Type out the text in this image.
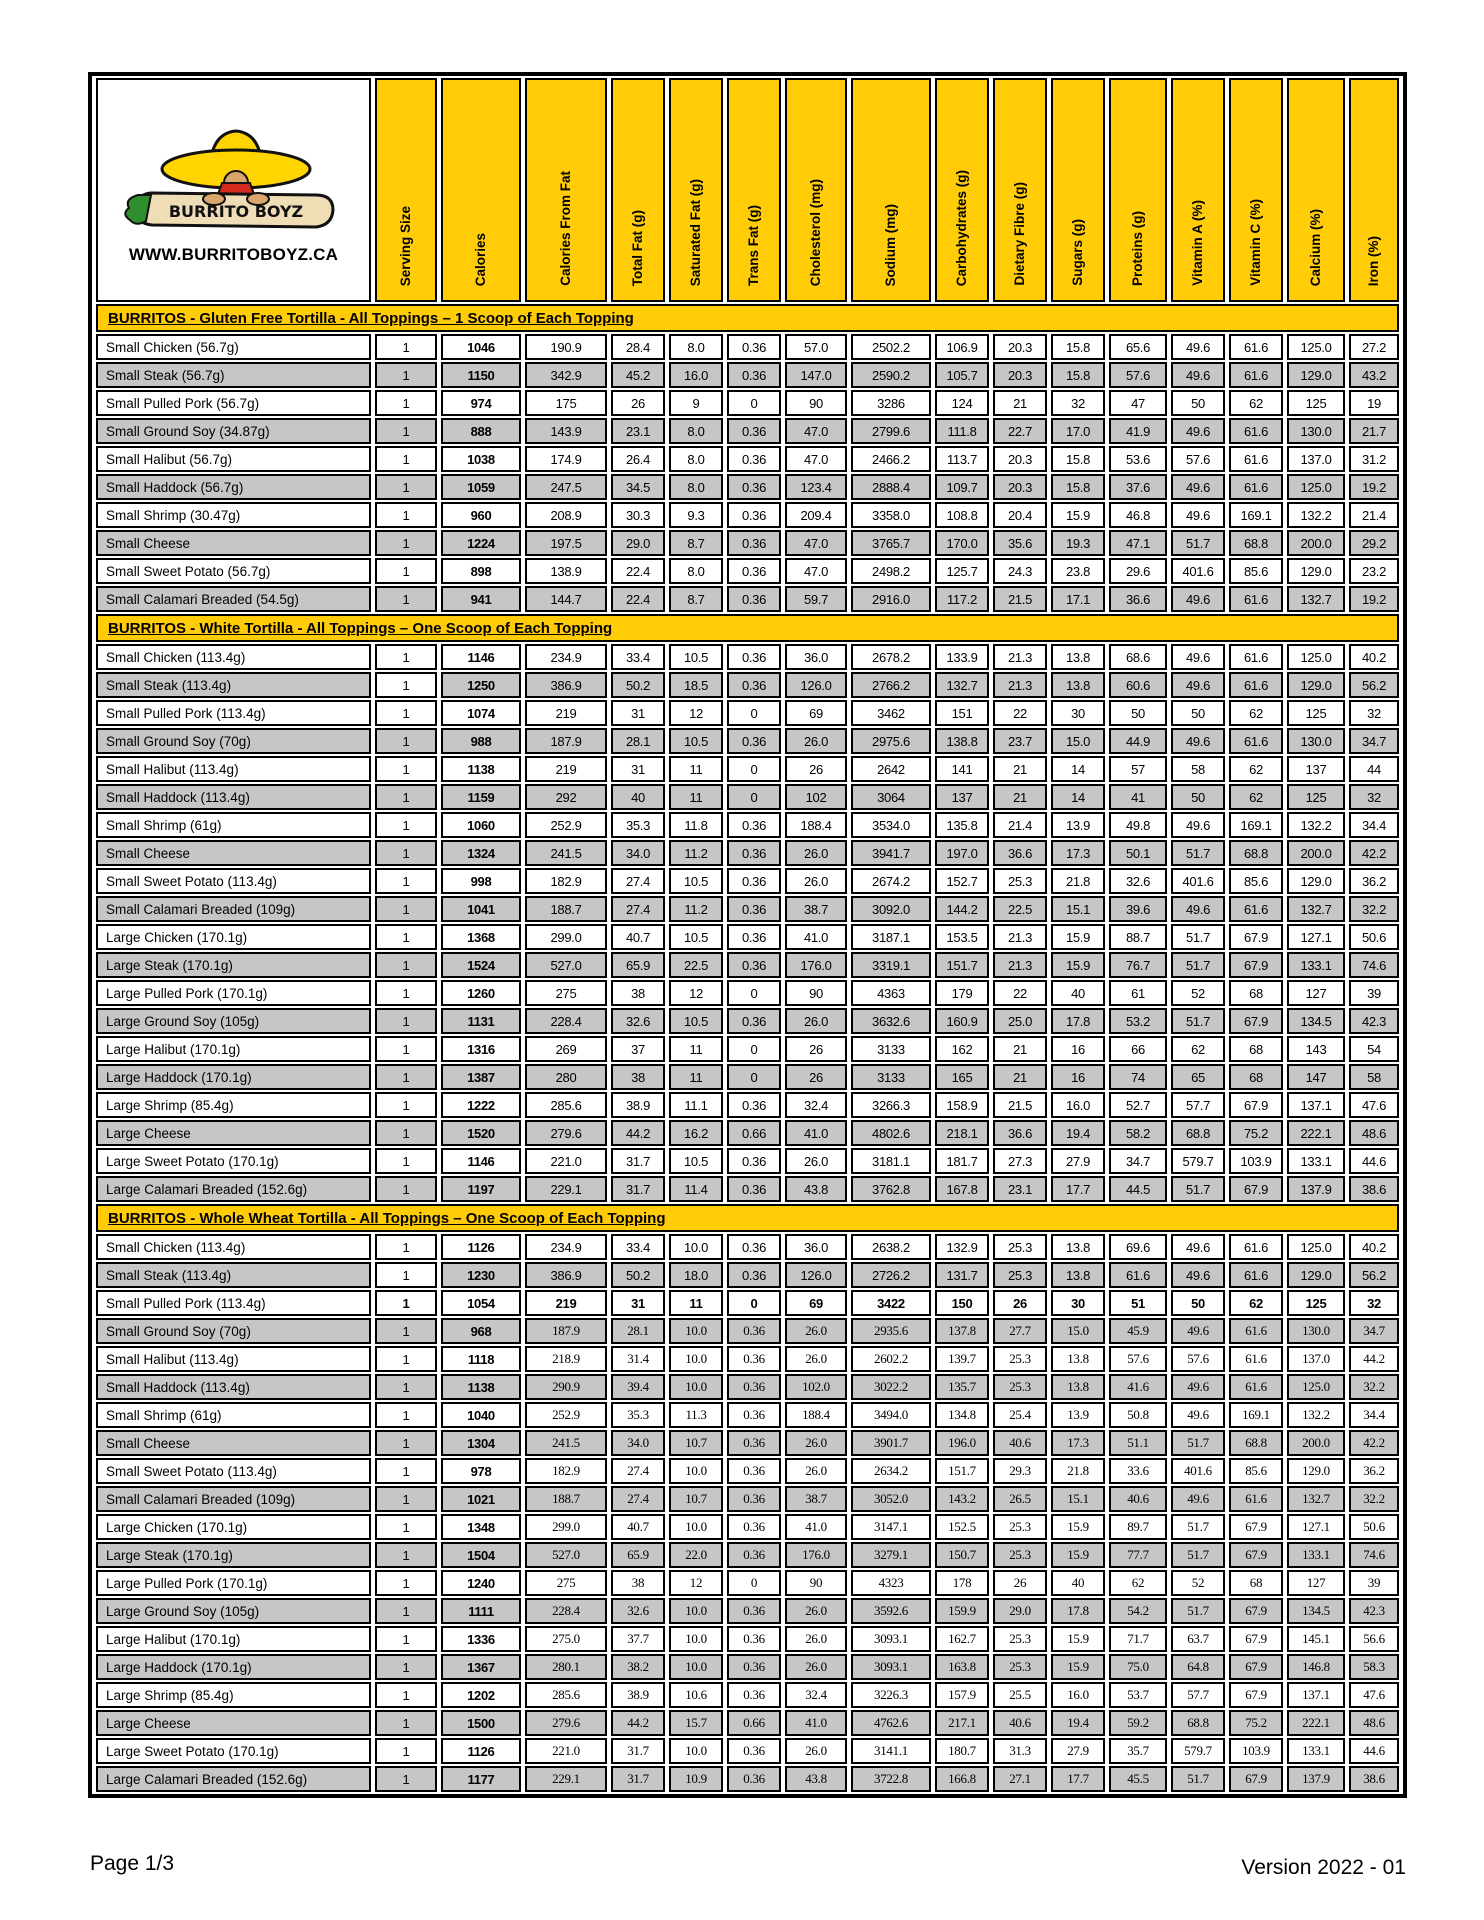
BURRITO BOYZ
WWW.BURRITOBOYZ.CA	Serving Size	Calories	Calories From Fat	Total Fat (g)	Saturated Fat (g)	Trans Fat (g)	Cholesterol (mg)	Sodium (mg)	Carbohydrates (g)	Dietary Fibre (g)	Sugars (g)	Proteins (g)	Vitamin A (%)	Vitamin C (%)	Calcium (%)	Iron (%)

BURRITOS - Gluten Free Tortilla - All Toppings – 1 Scoop of Each Topping																
Small Chicken (56.7g)	1	1046	190.9	28.4	8.0	0.36	57.0	2502.2	106.9	20.3	15.8	65.6	49.6	61.6	125.0	27.2
Small Steak (56.7g)	1	1150	342.9	45.2	16.0	0.36	147.0	2590.2	105.7	20.3	15.8	57.6	49.6	61.6	129.0	43.2
Small Pulled Pork (56.7g)	1	974	175	26	9	0	90	3286	124	21	32	47	50	62	125	19
Small Ground Soy (34.87g)	1	888	143.9	23.1	8.0	0.36	47.0	2799.6	111.8	22.7	17.0	41.9	49.6	61.6	130.0	21.7
Small Halibut (56.7g)	1	1038	174.9	26.4	8.0	0.36	47.0	2466.2	113.7	20.3	15.8	53.6	57.6	61.6	137.0	31.2
Small Haddock (56.7g)	1	1059	247.5	34.5	8.0	0.36	123.4	2888.4	109.7	20.3	15.8	37.6	49.6	61.6	125.0	19.2
Small Shrimp (30.47g)	1	960	208.9	30.3	9.3	0.36	209.4	3358.0	108.8	20.4	15.9	46.8	49.6	169.1	132.2	21.4
Small Cheese	1	1224	197.5	29.0	8.7	0.36	47.0	3765.7	170.0	35.6	19.3	47.1	51.7	68.8	200.0	29.2
Small Sweet Potato (56.7g)	1	898	138.9	22.4	8.0	0.36	47.0	2498.2	125.7	24.3	23.8	29.6	401.6	85.6	129.0	23.2
Small Calamari Breaded (54.5g)	1	941	144.7	22.4	8.7	0.36	59.7	2916.0	117.2	21.5	17.1	36.6	49.6	61.6	132.7	19.2
BURRITOS - White Tortilla - All Toppings – One Scoop of Each Topping																
Small Chicken (113.4g)	1	1146	234.9	33.4	10.5	0.36	36.0	2678.2	133.9	21.3	13.8	68.6	49.6	61.6	125.0	40.2
Small Steak (113.4g)	1	1250	386.9	50.2	18.5	0.36	126.0	2766.2	132.7	21.3	13.8	60.6	49.6	61.6	129.0	56.2
Small Pulled Pork (113.4g)	1	1074	219	31	12	0	69	3462	151	22	30	50	50	62	125	32
Small Ground Soy (70g)	1	988	187.9	28.1	10.5	0.36	26.0	2975.6	138.8	23.7	15.0	44.9	49.6	61.6	130.0	34.7
Small Halibut (113.4g)	1	1138	219	31	11	0	26	2642	141	21	14	57	58	62	137	44
Small Haddock (113.4g)	1	1159	292	40	11	0	102	3064	137	21	14	41	50	62	125	32
Small Shrimp (61g)	1	1060	252.9	35.3	11.8	0.36	188.4	3534.0	135.8	21.4	13.9	49.8	49.6	169.1	132.2	34.4
Small Cheese	1	1324	241.5	34.0	11.2	0.36	26.0	3941.7	197.0	36.6	17.3	50.1	51.7	68.8	200.0	42.2
Small Sweet Potato (113.4g)	1	998	182.9	27.4	10.5	0.36	26.0	2674.2	152.7	25.3	21.8	32.6	401.6	85.6	129.0	36.2
Small Calamari Breaded (109g)	1	1041	188.7	27.4	11.2	0.36	38.7	3092.0	144.2	22.5	15.1	39.6	49.6	61.6	132.7	32.2
Large Chicken (170.1g)	1	1368	299.0	40.7	10.5	0.36	41.0	3187.1	153.5	21.3	15.9	88.7	51.7	67.9	127.1	50.6
Large Steak (170.1g)	1	1524	527.0	65.9	22.5	0.36	176.0	3319.1	151.7	21.3	15.9	76.7	51.7	67.9	133.1	74.6
Large Pulled Pork (170.1g)	1	1260	275	38	12	0	90	4363	179	22	40	61	52	68	127	39
Large Ground Soy (105g)	1	1131	228.4	32.6	10.5	0.36	26.0	3632.6	160.9	25.0	17.8	53.2	51.7	67.9	134.5	42.3
Large Halibut (170.1g)	1	1316	269	37	11	0	26	3133	162	21	16	66	62	68	143	54
Large Haddock (170.1g)	1	1387	280	38	11	0	26	3133	165	21	16	74	65	68	147	58
Large Shrimp (85.4g)	1	1222	285.6	38.9	11.1	0.36	32.4	3266.3	158.9	21.5	16.0	52.7	57.7	67.9	137.1	47.6
Large Cheese	1	1520	279.6	44.2	16.2	0.66	41.0	4802.6	218.1	36.6	19.4	58.2	68.8	75.2	222.1	48.6
Large Sweet Potato (170.1g)	1	1146	221.0	31.7	10.5	0.36	26.0	3181.1	181.7	27.3	27.9	34.7	579.7	103.9	133.1	44.6
Large Calamari Breaded (152.6g)	1	1197	229.1	31.7	11.4	0.36	43.8	3762.8	167.8	23.1	17.7	44.5	51.7	67.9	137.9	38.6
BURRITOS - Whole Wheat Tortilla - All Toppings – One Scoop of Each Topping																
Small Chicken (113.4g)	1	1126	234.9	33.4	10.0	0.36	36.0	2638.2	132.9	25.3	13.8	69.6	49.6	61.6	125.0	40.2
Small Steak (113.4g)	1	1230	386.9	50.2	18.0	0.36	126.0	2726.2	131.7	25.3	13.8	61.6	49.6	61.6	129.0	56.2
Small Pulled Pork (113.4g)	1	1054	219	31	11	0	69	3422	150	26	30	51	50	62	125	32
Small Ground Soy (70g)	1	968	187.9	28.1	10.0	0.36	26.0	2935.6	137.8	27.7	15.0	45.9	49.6	61.6	130.0	34.7
Small Halibut (113.4g)	1	1118	218.9	31.4	10.0	0.36	26.0	2602.2	139.7	25.3	13.8	57.6	57.6	61.6	137.0	44.2
Small Haddock (113.4g)	1	1138	290.9	39.4	10.0	0.36	102.0	3022.2	135.7	25.3	13.8	41.6	49.6	61.6	125.0	32.2
Small Shrimp (61g)	1	1040	252.9	35.3	11.3	0.36	188.4	3494.0	134.8	25.4	13.9	50.8	49.6	169.1	132.2	34.4
Small Cheese	1	1304	241.5	34.0	10.7	0.36	26.0	3901.7	196.0	40.6	17.3	51.1	51.7	68.8	200.0	42.2
Small Sweet Potato (113.4g)	1	978	182.9	27.4	10.0	0.36	26.0	2634.2	151.7	29.3	21.8	33.6	401.6	85.6	129.0	36.2
Small Calamari Breaded (109g)	1	1021	188.7	27.4	10.7	0.36	38.7	3052.0	143.2	26.5	15.1	40.6	49.6	61.6	132.7	32.2
Large Chicken (170.1g)	1	1348	299.0	40.7	10.0	0.36	41.0	3147.1	152.5	25.3	15.9	89.7	51.7	67.9	127.1	50.6
Large Steak (170.1g)	1	1504	527.0	65.9	22.0	0.36	176.0	3279.1	150.7	25.3	15.9	77.7	51.7	67.9	133.1	74.6
Large Pulled Pork (170.1g)	1	1240	275	38	12	0	90	4323	178	26	40	62	52	68	127	39
Large Ground Soy (105g)	1	1111	228.4	32.6	10.0	0.36	26.0	3592.6	159.9	29.0	17.8	54.2	51.7	67.9	134.5	42.3
Large Halibut (170.1g)	1	1336	275.0	37.7	10.0	0.36	26.0	3093.1	162.7	25.3	15.9	71.7	63.7	67.9	145.1	56.6
Large Haddock (170.1g)	1	1367	280.1	38.2	10.0	0.36	26.0	3093.1	163.8	25.3	15.9	75.0	64.8	67.9	146.8	58.3
Large Shrimp (85.4g)	1	1202	285.6	38.9	10.6	0.36	32.4	3226.3	157.9	25.5	16.0	53.7	57.7	67.9	137.1	47.6
Large Cheese	1	1500	279.6	44.2	15.7	0.66	41.0	4762.6	217.1	40.6	19.4	59.2	68.8	75.2	222.1	48.6
Large Sweet Potato (170.1g)	1	1126	221.0	31.7	10.0	0.36	26.0	3141.1	180.7	31.3	27.9	35.7	579.7	103.9	133.1	44.6
Large Calamari Breaded (152.6g)	1	1177	229.1	31.7	10.9	0.36	43.8	3722.8	166.8	27.1	17.7	45.5	51.7	67.9	137.9	38.6
Page 1/3	Version 2022 - 01
